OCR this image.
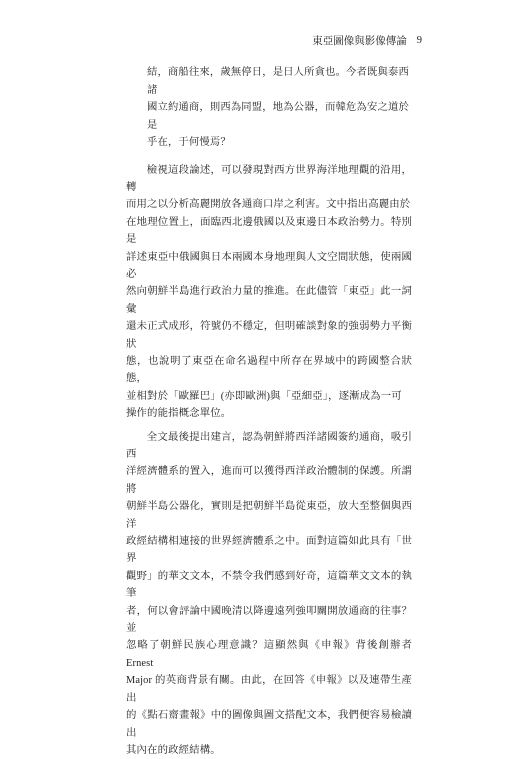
東亞圖像與影像傳論 9

結，商船往來，歲無停日，是日人所貪也。今者既與泰西諸
國立約通商，則西為同盟，地為公器，而韓危為安之道於是
乎在，于何慢焉？

檢視這段論述，可以發現對西方世界海洋地理觀的沿用，轉
而用之以分析高麗開放各通商口岸之利害。文中指出高麗由於
在地理位置上，面臨西北邊俄國以及東邊日本政治勢力。特別是
詳述東亞中俄國與日本兩國本身地理與人文空間狀態，使兩國必
然向朝鮮半島進行政治力量的推進。在此儘管「東亞」此一詞彙
還未正式成形，符號仍不穩定，但明確談對象的強弱勢力平衡狀
態，也說明了東亞在命名過程中所存在界域中的跨國整合狀態，
並相對於「歐羅巴」(亦即歐洲)與「亞細亞」，逐漸成為一可
操作的能指概念單位。

全文最後提出建言，認為朝鮮將西洋諸國簽約通商，吸引西
洋經濟體系的置入，進而可以獲得西洋政治體制的保護。所謂將
朝鮮半島公器化，實則是把朝鮮半島從東亞，放大至整個與西洋
政經結構相連接的世界經濟體系之中。面對這篇如此具有「世界
觀野」的華文文本，不禁令我們感到好奇，這篇華文文本的執筆
者，何以會評論中國晚清以降邊遠列強叩關開放通商的往事？並
忽略了朝鮮民族心理意識？這顯然與《申報》背後創辦者 Ernest
Major 的英商背景有關。由此，在回答《申報》以及連帶生產出
的《點石齋畫報》中的圖像與圖文搭配文本，我們便容易檢讀出
其內在的政經結構。
